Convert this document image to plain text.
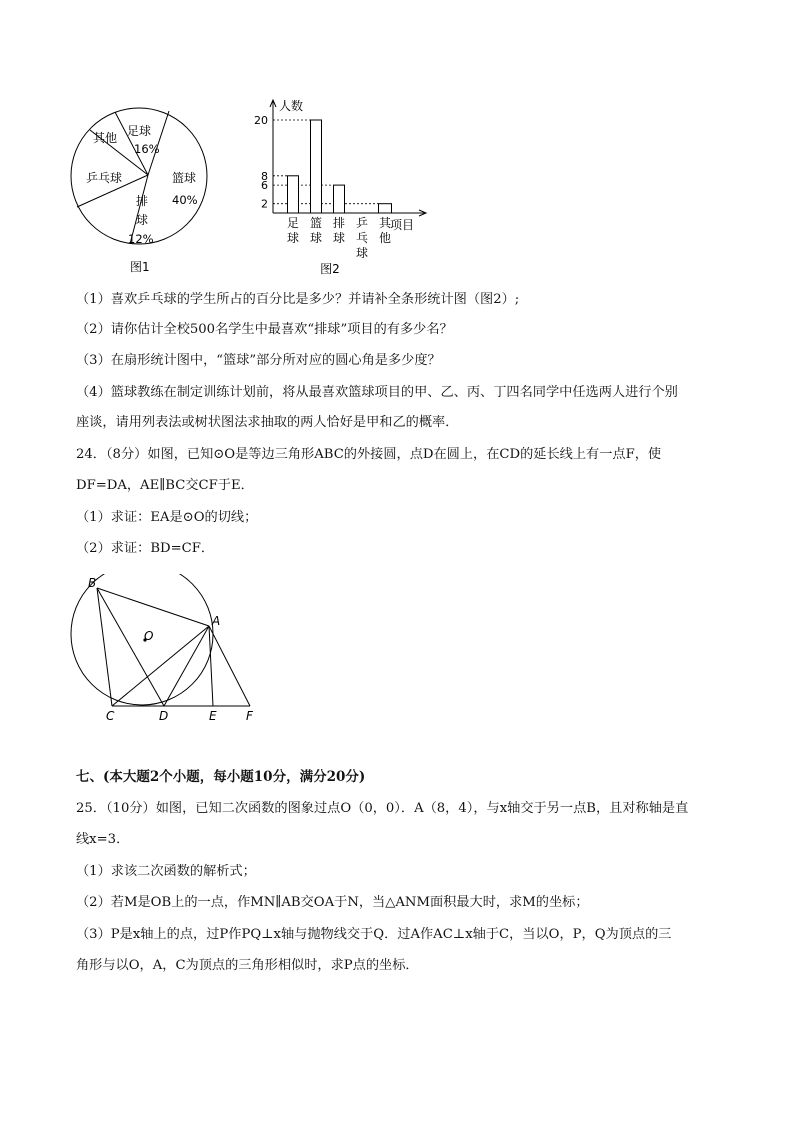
其他 足球
16%
乒乓球	篮球
40%
排
球
12%
图1
人数
项目
2
6
8
20
足球
篮球
排球
乒乓球
其他
图2
（1）喜欢乒乓球的学生所占的百分比是多少？并请补全条形统计图（图2）;
（2）请你估计全校500名学生中最喜欢“排球”项目的有多少名？
（3）在扇形统计图中，“篮球”部分所对应的圆心角是多少度？
（4）篮球教练在制定训练计划前，将从最喜欢篮球项目的甲、乙、丙、丁四名同学中任选两人进行个别
座谈，请用列表法或树状图法求抽取的两人恰好是甲和乙的概率．
24．（8分）如图，已知⊙O是等边三角形ABC的外接圆，点D在圆上，在CD的延长线上有一点F，使
DF=DA，AE∥BC交CF于E．
（1）求证：EA是⊙O的切线；
（2）求证：BD=CF．
B
O
A
C	D	E F
七、(本大题2个小题，每小题10分，满分20分)
25．（10分）如图，已知二次函数的图象过点O（0，0）．A（8，4），与x轴交于另一点B，且对称轴是直
线x=3．
（1）求该二次函数的解析式；
（2）若M是OB上的一点，作MN∥AB交OA于N，当△ANM面积最大时，求M的坐标；
（3）P是x轴上的点，过P作PQ⊥x轴与抛物线交于Q．过A作AC⊥x轴于C，当以O，P，Q为顶点的三
角形与以O，A，C为顶点的三角形相似时，求P点的坐标．
